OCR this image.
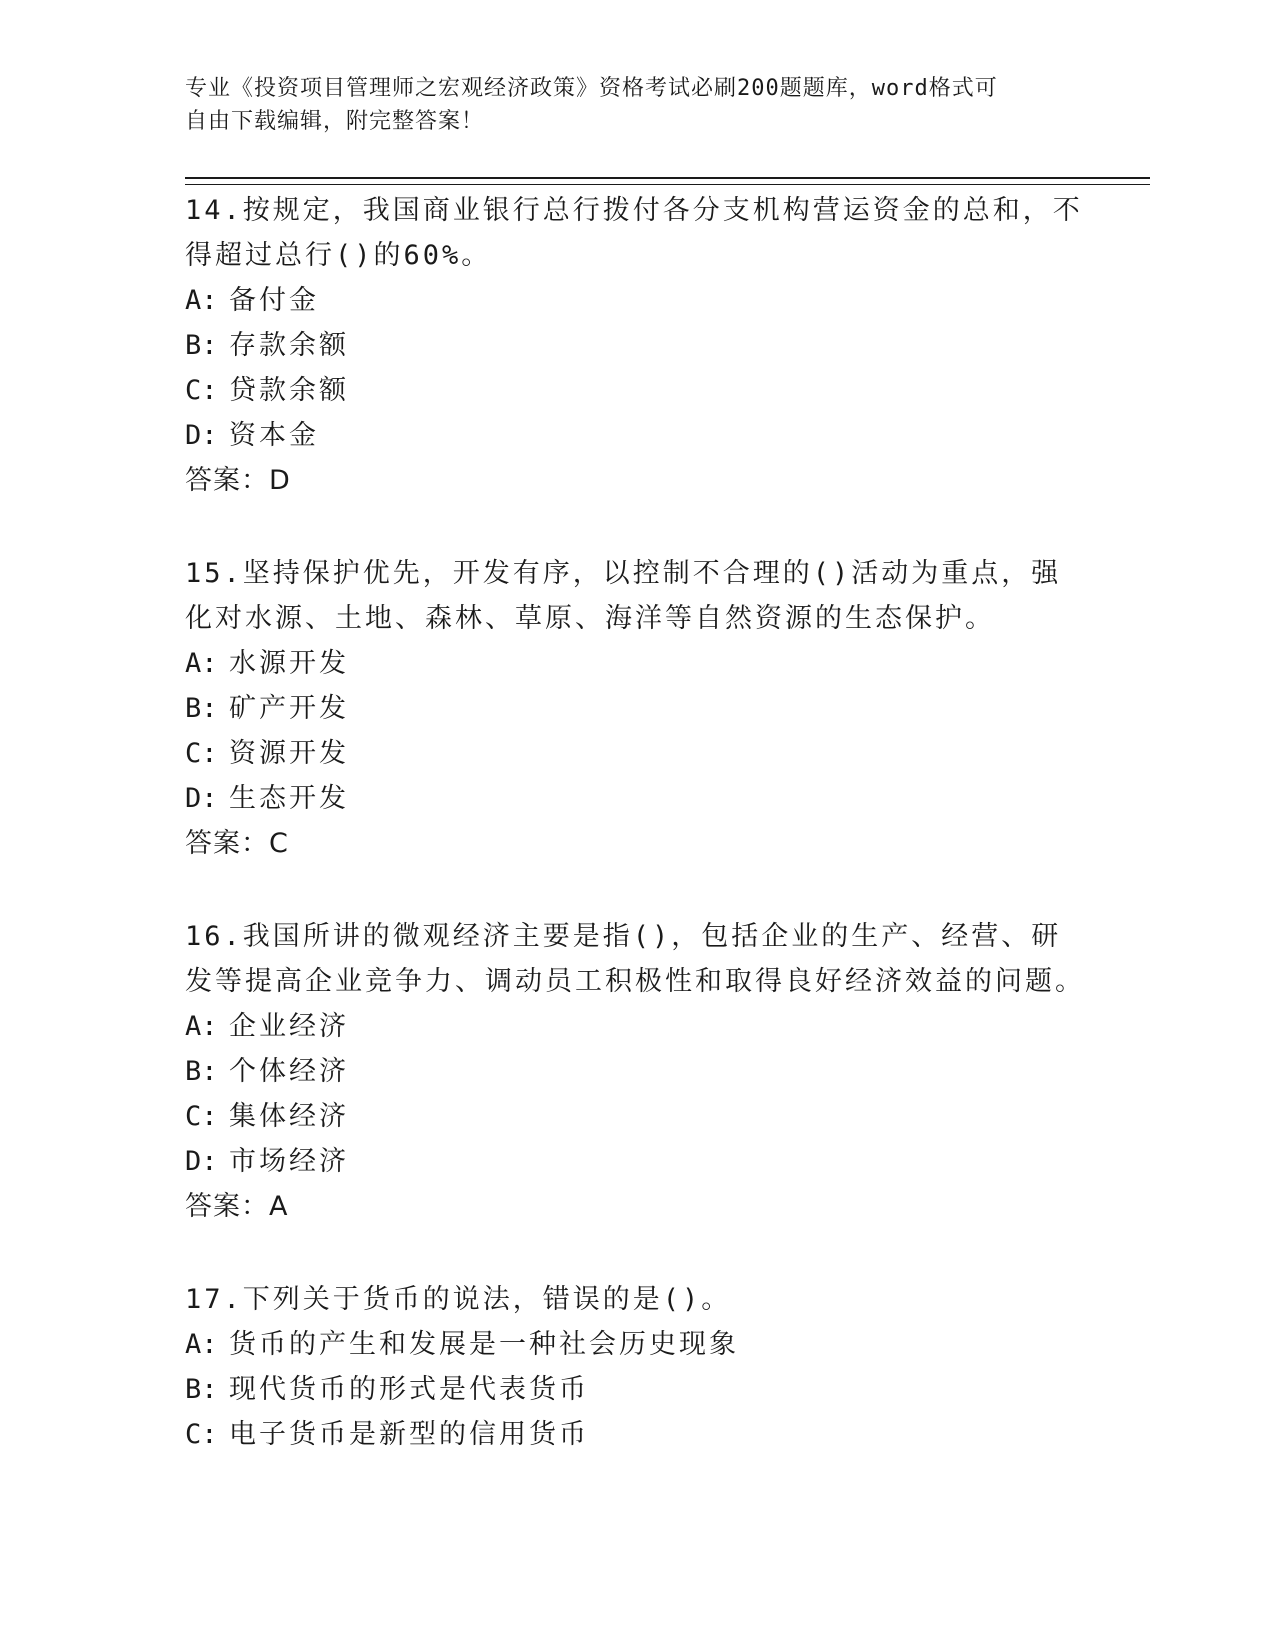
专业《投资项目管理师之宏观经济政策》资格考试必刷200题题库，word格式可
自由下载编辑，附完整答案！

14.按规定，我国商业银行总行拨付各分支机构营运资金的总和，不得超过总行()的60%。

A: 备付金
B: 存款余额
C: 贷款余额
D: 资本金
答案：D

15.坚持保护优先，开发有序，以控制不合理的()活动为重点，强化对水源、土地、森林、草原、海洋等自然资源的生态保护。

A: 水源开发
B: 矿产开发
C: 资源开发
D: 生态开发
答案：C

16.我国所讲的微观经济主要是指()，包括企业的生产、经营、研发等提高企业竞争力、调动员工积极性和取得良好经济效益的问题。

A: 企业经济
B: 个体经济
C: 集体经济
D: 市场经济
答案：A

17.下列关于货币的说法，错误的是()。

A: 货币的产生和发展是一种社会历史现象
B: 现代货币的形式是代表货币
C: 电子货币是新型的信用货币
